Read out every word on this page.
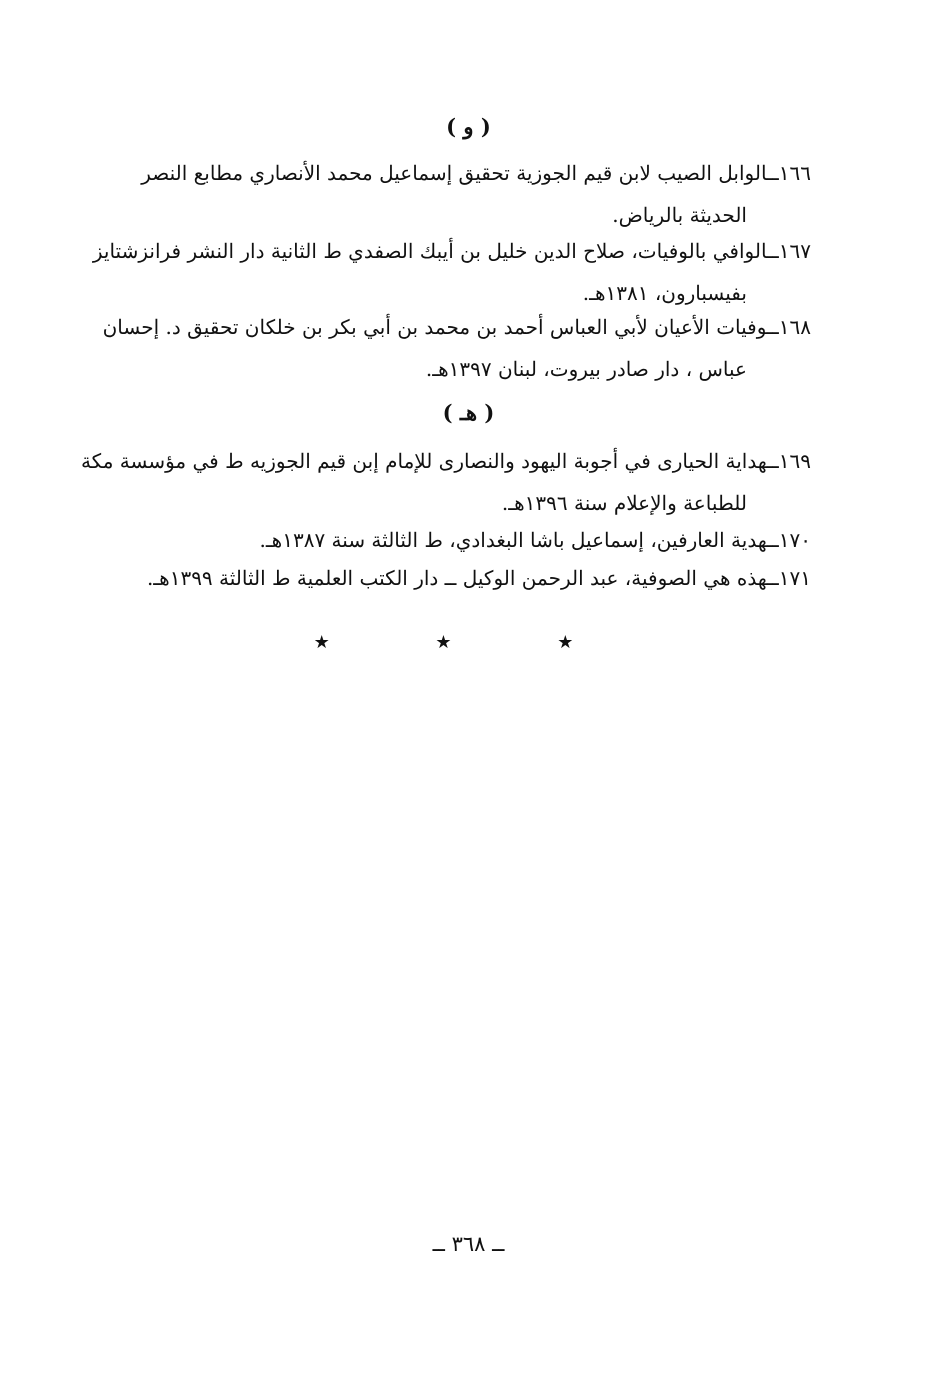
( و )
١٦٦ــالوابل الصيب لابن قيم الجوزية تحقيق إسماعيل محمد الأنصاري مطابع النصر
الحديثة بالرياض.
١٦٧ــالوافي بالوفيات، صلاح الدين خليل بن أيبك الصفدي ط الثانية دار النشر فرانزشتايز
بفيسبارون، ١٣٨١هـ.
١٦٨ــوفيات الأعيان لأبي العباس أحمد بن محمد بن أبي بكر بن خلكان تحقيق د. إحسان
عباس ، دار صادر بيروت، لبنان ١٣٩٧هـ.
( هـ )
١٦٩ــهداية الحيارى في أجوبة اليهود والنصارى للإمام إبن قيم الجوزيه ط في مؤسسة مكة
للطباعة والإعلام سنة ١٣٩٦هـ.
١٧٠ــهدية العارفين، إسماعيل باشا البغدادي، ط الثالثة سنة ١٣٨٧هـ.
١٧١ــهذه هي الصوفية، عبد الرحمن الوكيل ــ دار الكتب العلمية ط الثالثة ١٣٩٩هـ.
★ ★ ★
ــ ٣٦٨ ــ
